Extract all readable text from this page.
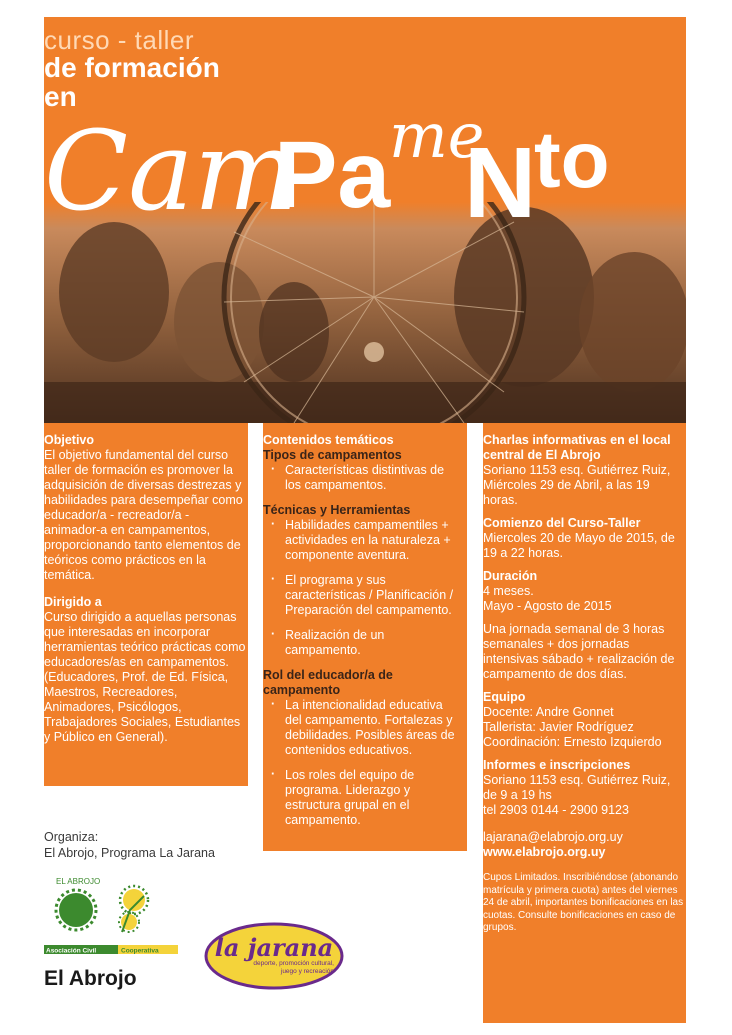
curso - taller
de formación
en
Cam
Pa
me
N
to
Objetivo
El objetivo fundamental del curso taller de formación es promover la adquisición de diversas destrezas y habilidades para desempeñar como educador/a - recreador/a - animador-a en campamentos, proporcionando tanto elementos de teóricos como prácticos en la temática.
Dirigido a
Curso dirigido a aquellas personas que interesadas en incorporar herramientas teórico prácticas como educadores/as en campamentos. (Educadores, Prof. de Ed. Física, Maestros, Recreadores, Animadores, Psicólogos, Trabajadores Sociales, Estudiantes y Público en General).
Contenidos temáticos
Tipos de campamentos
· Características distintivas de los campamentos.
Técnicas y Herramientas
· Habilidades campamentiles + actividades en la naturaleza + componente aventura.
· El programa y sus características / Planificación / Preparación del campamento.
· Realización de un campamento.
Rol del educador/a de campamento
· La intencionalidad educativa del campamento. Fortalezas y debilidades. Posibles áreas de contenidos educativos.
· Los roles del equipo de programa. Liderazgo y estructura grupal en el campamento.
Charlas informativas en el local central de El Abrojo
Soriano 1153 esq. Gutiérrez Ruiz, Miércoles 29 de Abril, a las 19 horas.
Comienzo del Curso-Taller
Miercoles 20 de Mayo de 2015, de 19 a 22 horas.
Duración
4 meses.
Mayo - Agosto de 2015
Una jornada semanal de 3 horas semanales + dos jornadas intensivas sábado + realización de campamento de dos días.
Equipo
Docente: Andre Gonnet
Tallerista: Javier Rodríguez
Coordinación: Ernesto Izquierdo
Informes e inscripciones
Soriano 1153 esq. Gutiérrez Ruiz,
de 9 a 19 hs
tel 2903 0144 - 2900 9123
lajarana@elabrojo.org.uy
www.elabrojo.org.uy
Cupos Limitados. Inscribiéndose (abonando matrícula y primera cuota) antes del viernes 24 de abril, importantes bonificaciones en las cuotas. Consulte bonificaciones en caso de grupos.
Organiza:
El Abrojo, Programa La Jarana
EL ABROJO
Asociación Civil	Cooperativa
El Abrojo
la jarana
deporte, promoción cultural, juego y recreación
